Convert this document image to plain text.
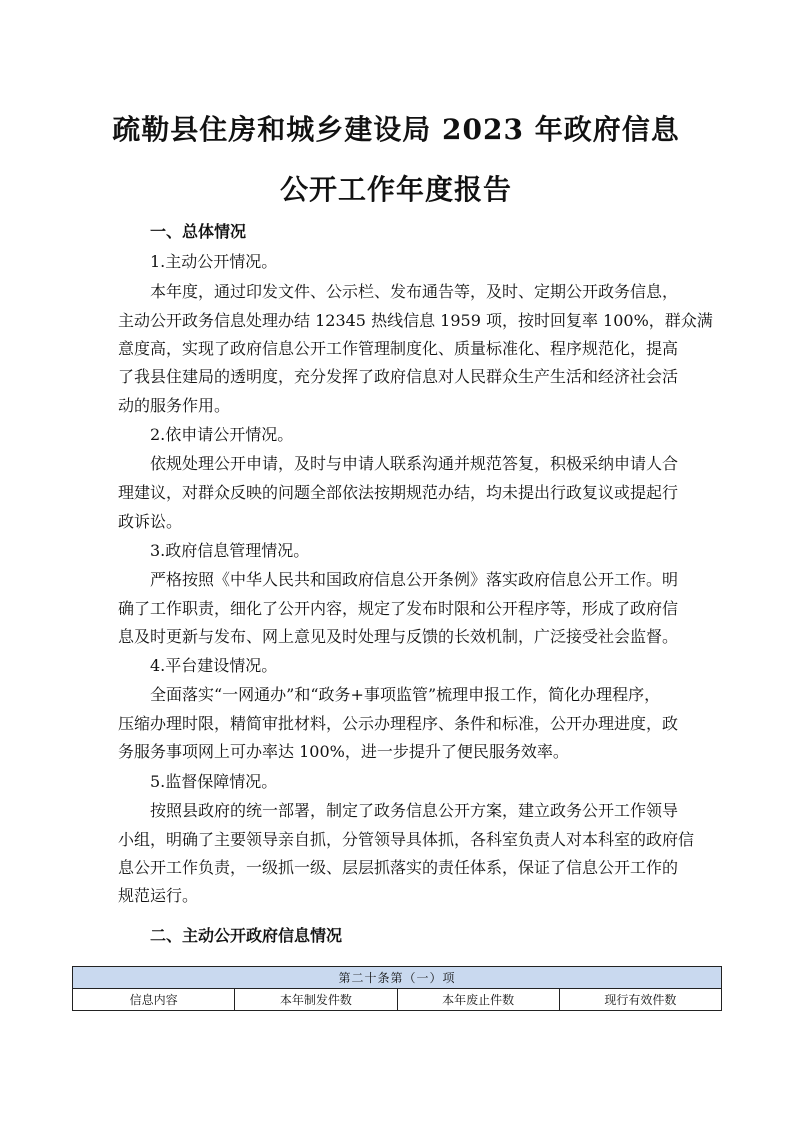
疏勒县住房和城乡建设局 2023 年政府信息
公开工作年度报告
一、总体情况
1.主动公开情况。
本年度，通过印发文件、公示栏、发布通告等，及时、定期公开政务信息，
主动公开政务信息处理办结 12345 热线信息 1959 项，按时回复率 100%，群众满
意度高，实现了政府信息公开工作管理制度化、质量标准化、程序规范化，提高
了我县住建局的透明度，充分发挥了政府信息对人民群众生产生活和经济社会活
动的服务作用。
2.依申请公开情况。
依规处理公开申请，及时与申请人联系沟通并规范答复，积极采纳申请人合
理建议，对群众反映的问题全部依法按期规范办结，均未提出行政复议或提起行
政诉讼。
3.政府信息管理情况。
严格按照《中华人民共和国政府信息公开条例》落实政府信息公开工作。明
确了工作职责，细化了公开内容，规定了发布时限和公开程序等，形成了政府信
息及时更新与发布、网上意见及时处理与反馈的长效机制，广泛接受社会监督。
4.平台建设情况。
全面落实“一网通办”和“政务+事项监管”梳理申报工作，简化办理程序，
压缩办理时限，精简审批材料，公示办理程序、条件和标准，公开办理进度，政
务服务事项网上可办率达 100%，进一步提升了便民服务效率。
5.监督保障情况。
按照县政府的统一部署，制定了政务信息公开方案，建立政务公开工作领导
小组，明确了主要领导亲自抓，分管领导具体抓，各科室负责人对本科室的政府信
息公开工作负责，一级抓一级、层层抓落实的责任体系，保证了信息公开工作的
规范运行。
二、主动公开政府信息情况
第二十条第（一）项
信息内容	本年制发件数	本年废止件数	现行有效件数
